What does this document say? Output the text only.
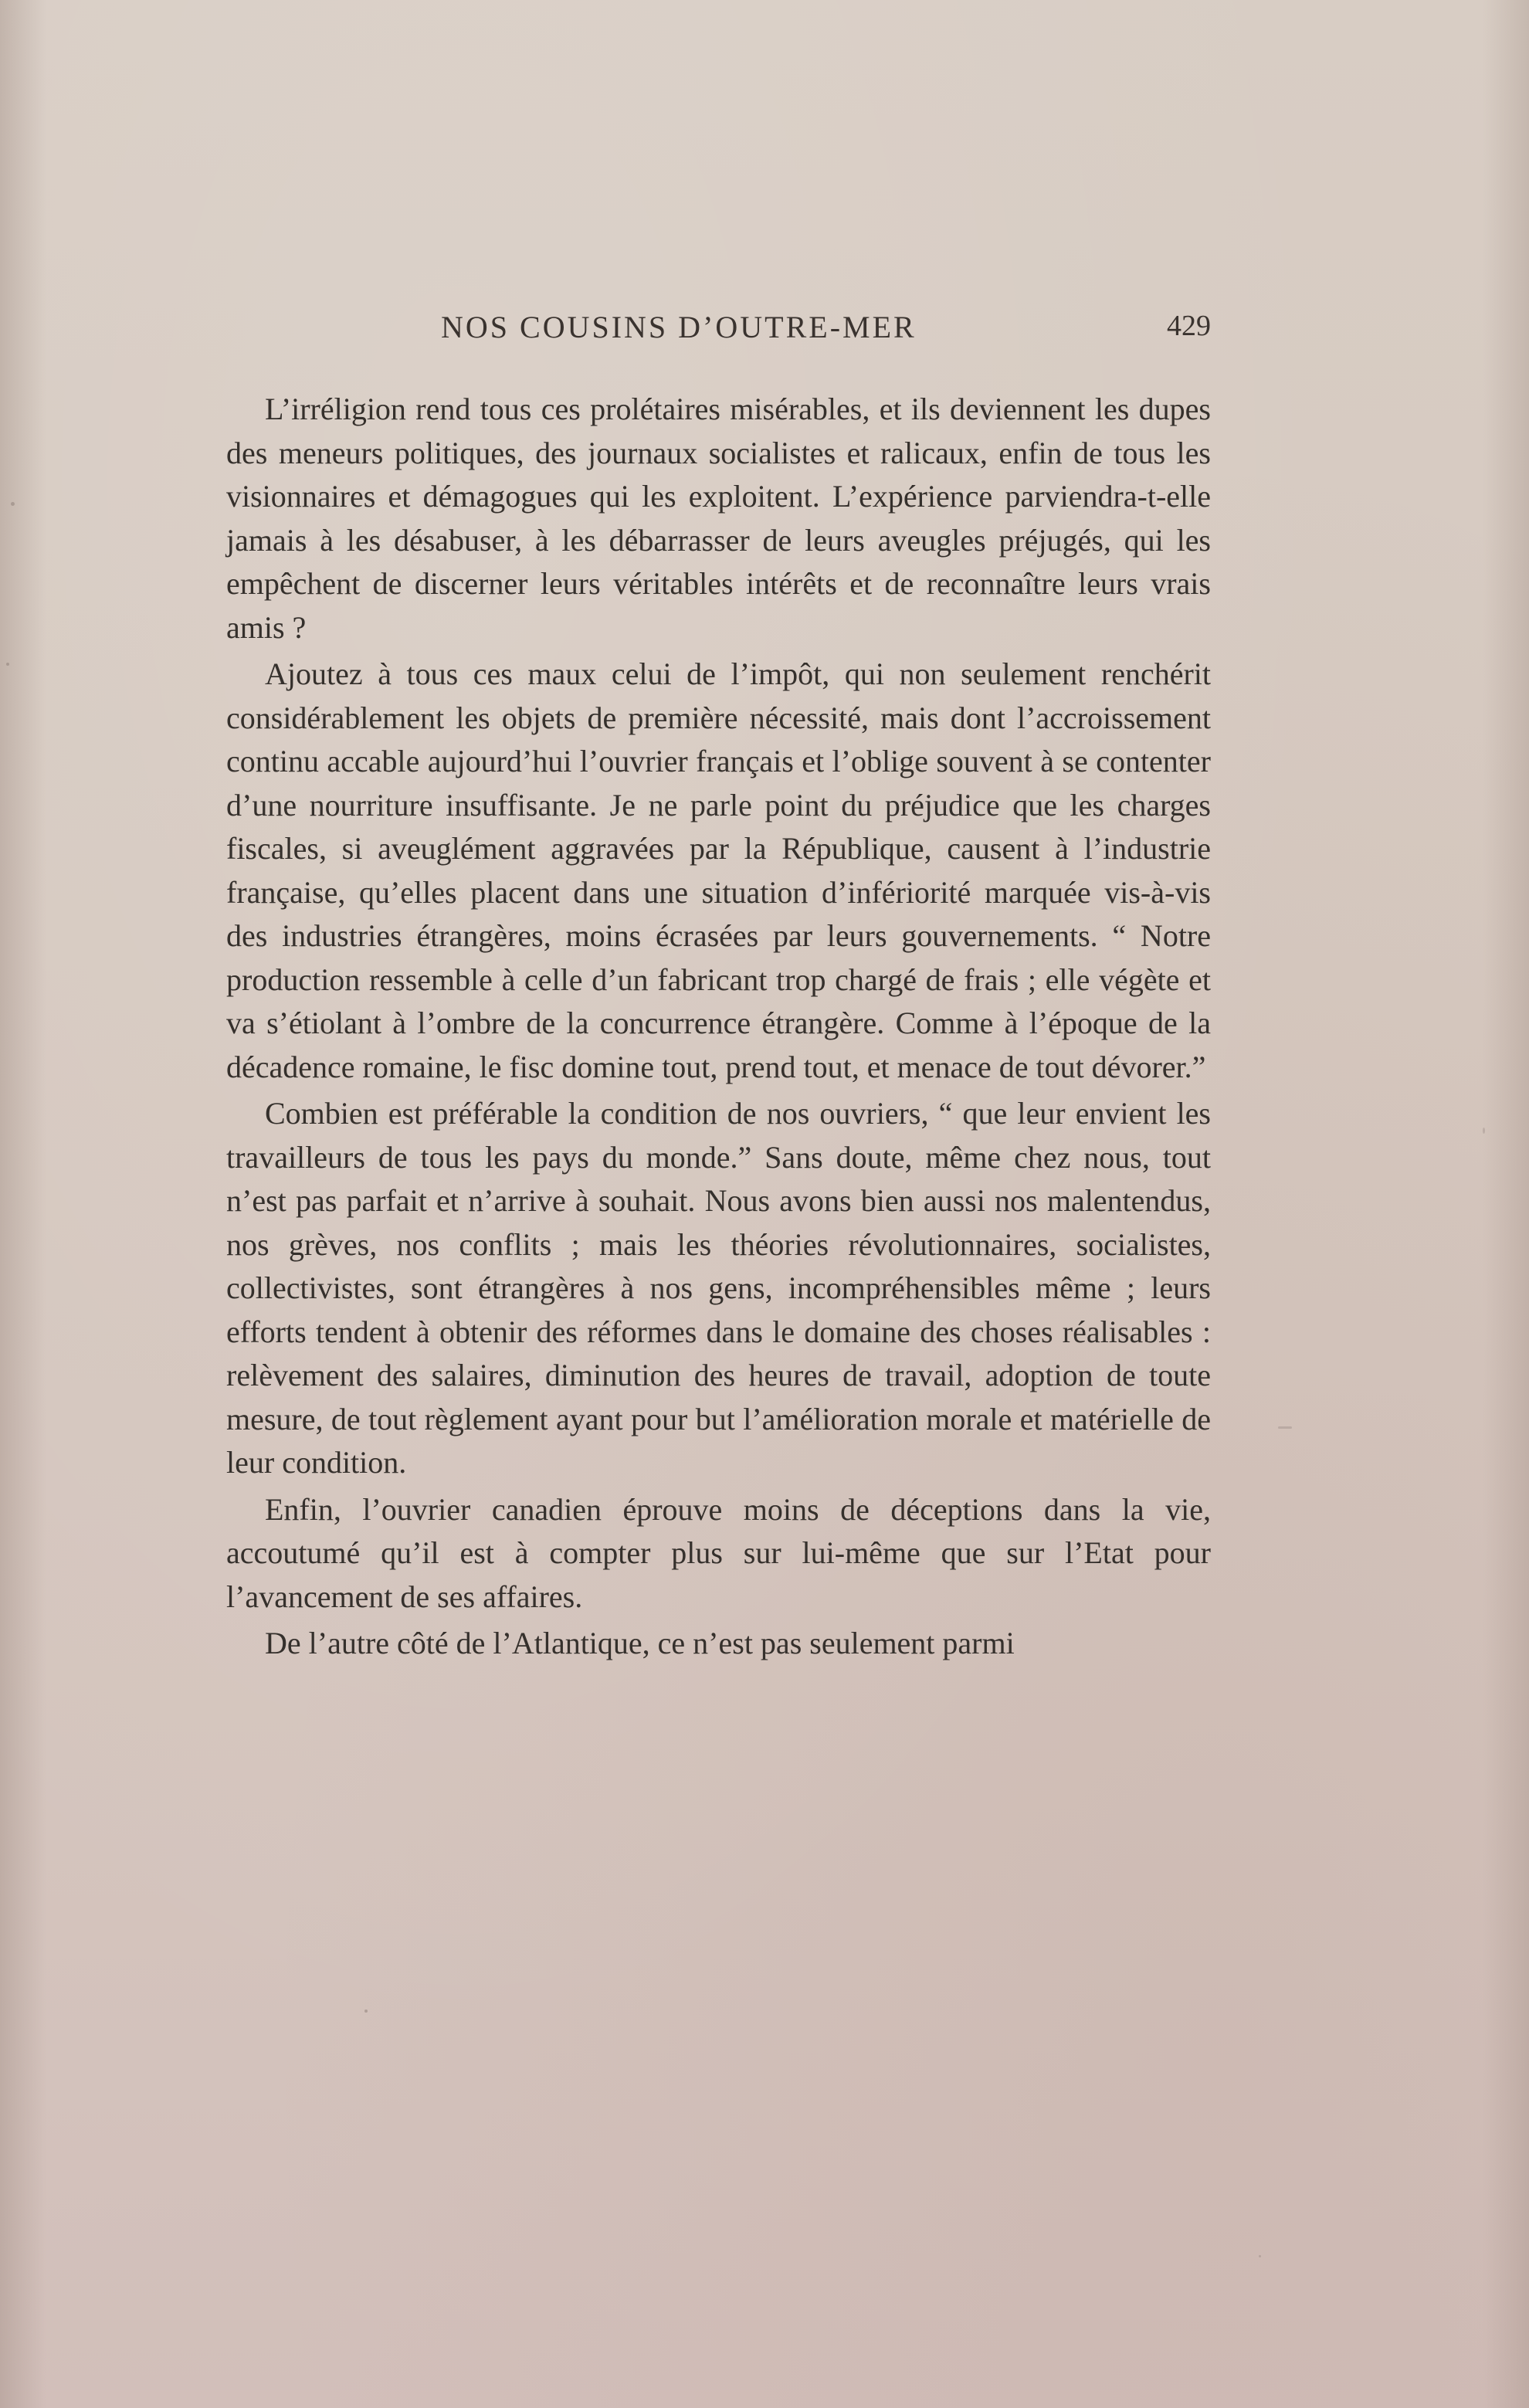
NOS COUSINS D’OUTRE-MER	429

L’irréligion rend tous ces prolétaires misérables, et ils deviennent les dupes des meneurs politiques, des journaux socialistes et ralicaux, enfin de tous les visionnaires et démagogues qui les exploitent. L’expérience parviendra-t-elle jamais à les désabuser, à les débarrasser de leurs aveugles préjugés, qui les empêchent de discerner leurs véritables intérêts et de reconnaître leurs vrais amis ?

Ajoutez à tous ces maux celui de l’impôt, qui non seulement renchérit considérablement les objets de première nécessité, mais dont l’accroissement continu accable aujourd’hui l’ouvrier français et l’oblige souvent à se contenter d’une nourriture insuffisante. Je ne parle point du préjudice que les charges fiscales, si aveuglément aggravées par la République, causent à l’industrie française, qu’elles placent dans une situation d’infériorité marquée vis-à-vis des industries étrangères, moins écrasées par leurs gouvernements. “ Notre production ressemble à celle d’un fabricant trop chargé de frais ; elle végète et va s’étiolant à l’ombre de la concurrence étrangère. Comme à l’époque de la décadence romaine, le fisc domine tout, prend tout, et menace de tout dévorer.”

Combien est préférable la condition de nos ouvriers, “ que leur envient les travailleurs de tous les pays du monde.” Sans doute, même chez nous, tout n’est pas parfait et n’arrive à souhait. Nous avons bien aussi nos malentendus, nos grèves, nos conflits ; mais les théories révolutionnaires, socialistes, collectivistes, sont étrangères à nos gens, incompréhensibles même ; leurs efforts tendent à obtenir des réformes dans le domaine des choses réalisables : relèvement des salaires, diminution des heures de travail, adoption de toute mesure, de tout règlement ayant pour but l’amélioration morale et matérielle de leur condition.

Enfin, l’ouvrier canadien éprouve moins de déceptions dans la vie, accoutumé qu’il est à compter plus sur lui-même que sur l’Etat pour l’avancement de ses affaires.

De l’autre côté de l’Atlantique, ce n’est pas seulement parmi
